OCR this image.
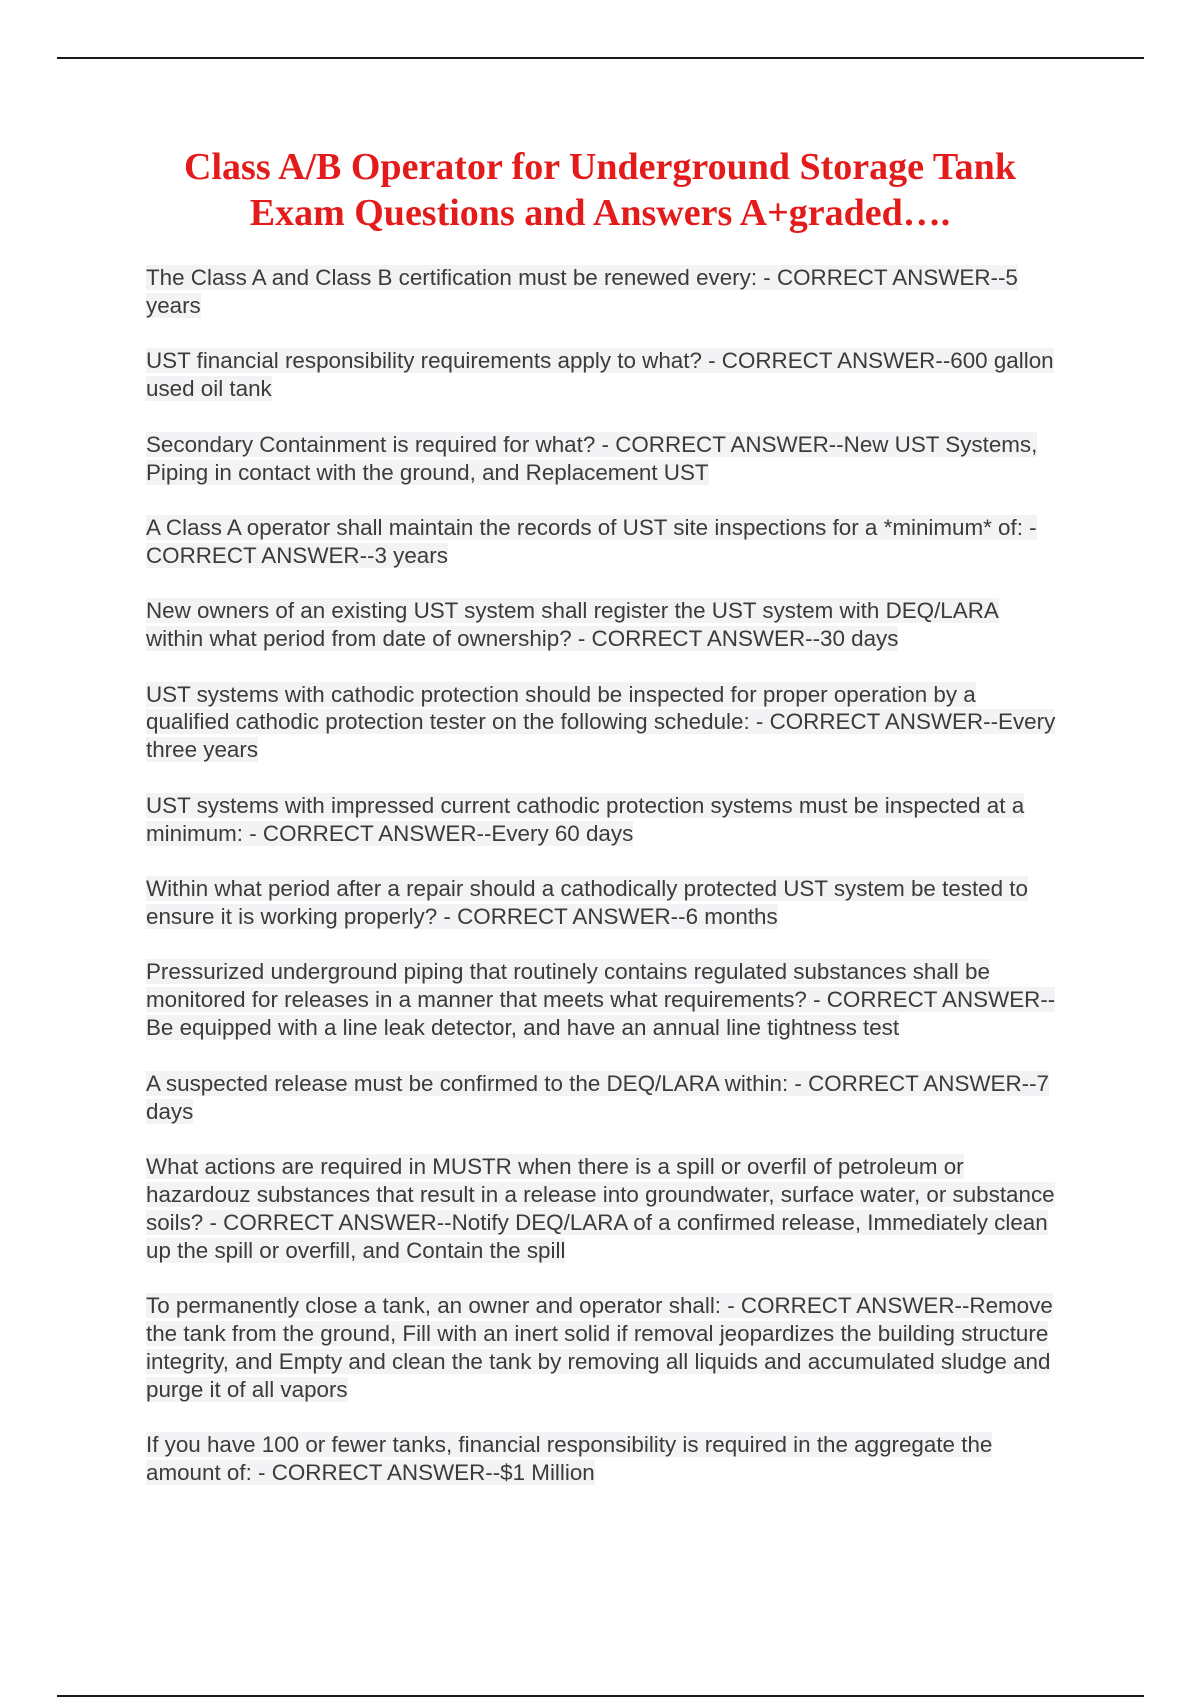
Class A/B Operator for Underground Storage Tank
Exam Questions and Answers A+graded….

The Class A and Class B certification must be renewed every: - CORRECT ANSWER--5 years

UST financial responsibility requirements apply to what? - CORRECT ANSWER--600 gallon used oil tank

Secondary Containment is required for what? - CORRECT ANSWER--New UST Systems, Piping in contact with the ground, and Replacement UST

A Class A operator shall maintain the records of UST site inspections for a *minimum* of: - CORRECT ANSWER--3 years

New owners of an existing UST system shall register the UST system with DEQ/LARA within what period from date of ownership? - CORRECT ANSWER--30 days

UST systems with cathodic protection should be inspected for proper operation by a qualified cathodic protection tester on the following schedule: - CORRECT ANSWER--Every three years

UST systems with impressed current cathodic protection systems must be inspected at a minimum: - CORRECT ANSWER--Every 60 days

Within what period after a repair should a cathodically protected UST system be tested to ensure it is working properly? - CORRECT ANSWER--6 months

Pressurized underground piping that routinely contains regulated substances shall be monitored for releases in a manner that meets what requirements? - CORRECT ANSWER--Be equipped with a line leak detector, and have an annual line tightness test

A suspected release must be confirmed to the DEQ/LARA within: - CORRECT ANSWER--7 days

What actions are required in MUSTR when there is a spill or overfil of petroleum or hazardouz substances that result in a release into groundwater, surface water, or substance soils? - CORRECT ANSWER--Notify DEQ/LARA of a confirmed release, Immediately clean up the spill or overfill, and Contain the spill

To permanently close a tank, an owner and operator shall: - CORRECT ANSWER--Remove the tank from the ground, Fill with an inert solid if removal jeopardizes the building structure integrity, and Empty and clean the tank by removing all liquids and accumulated sludge and purge it of all vapors

If you have 100 or fewer tanks, financial responsibility is required in the aggregate the amount of: - CORRECT ANSWER--$1 Million
